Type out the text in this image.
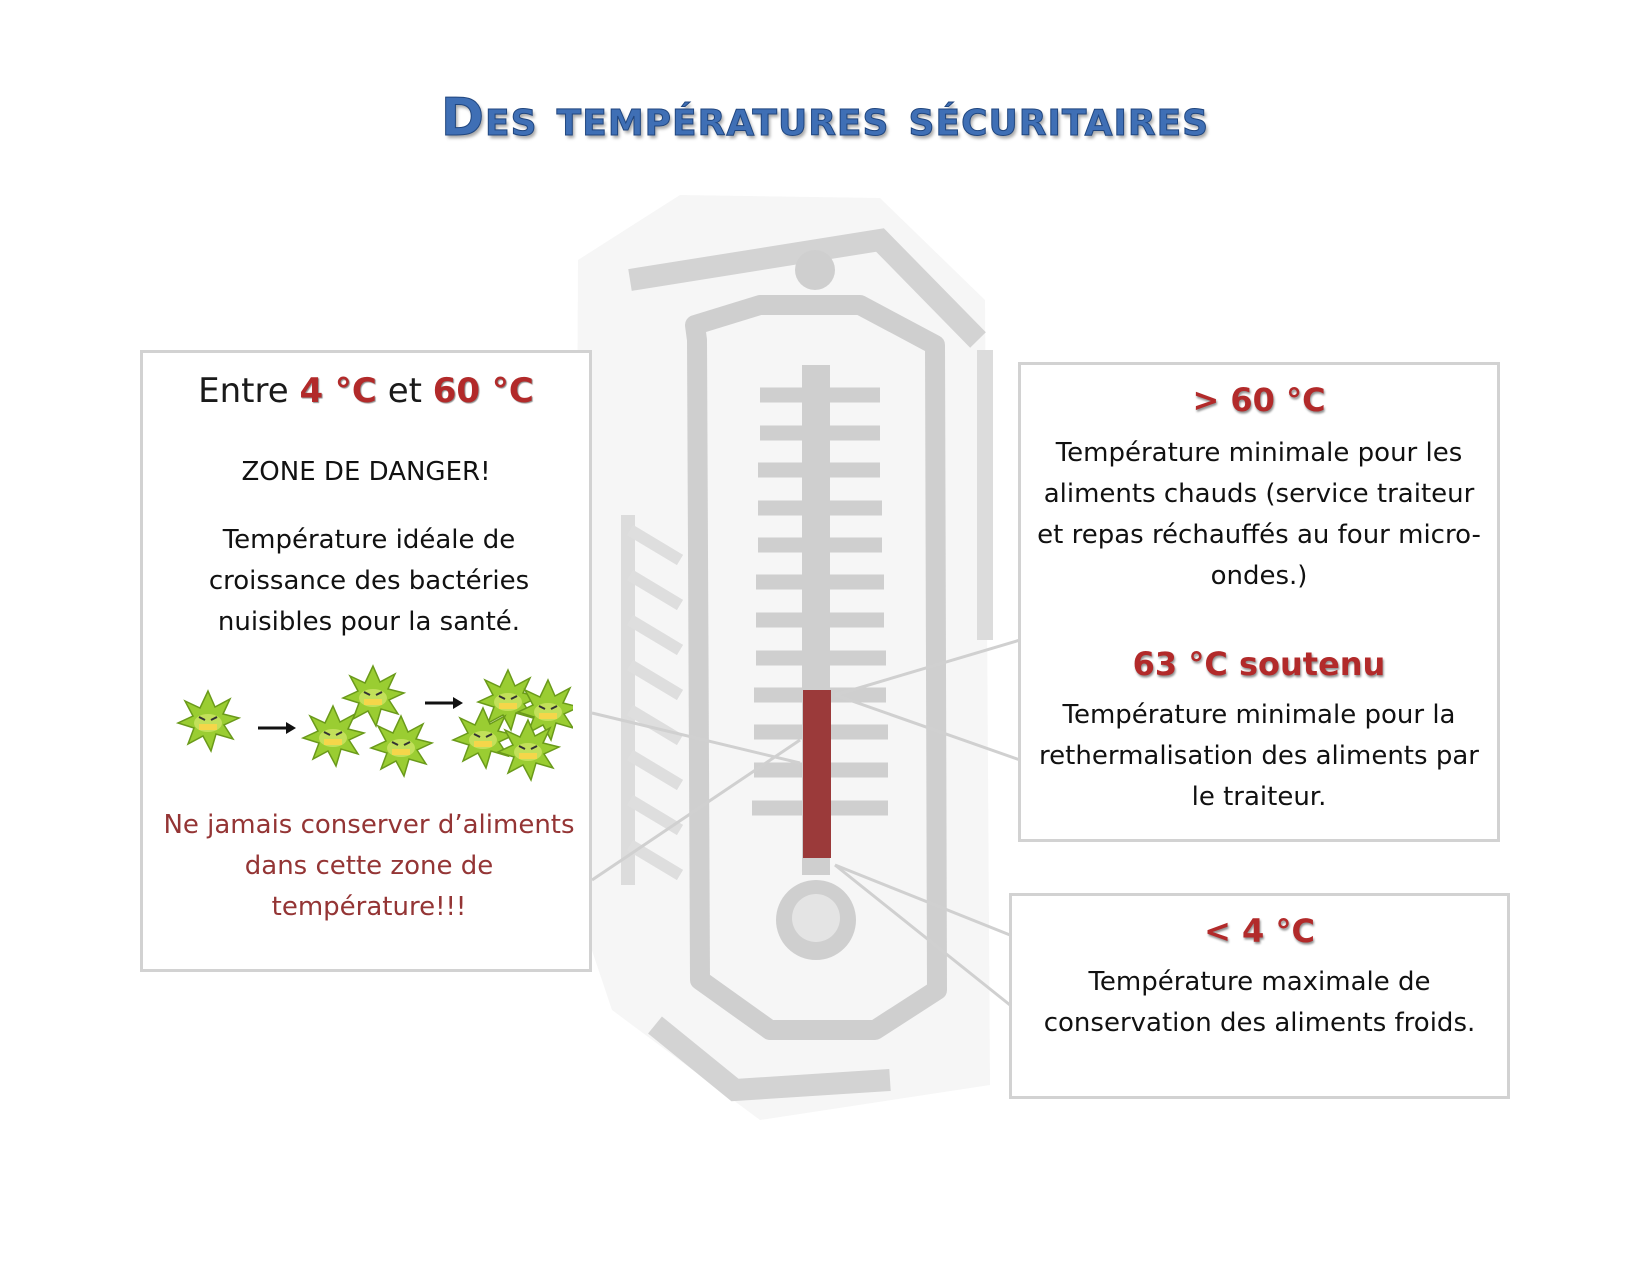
Des températures sécuritaires
Entre 4 °C et 60 °C
ZONE DE DANGER!
Température idéale de croissance des bactéries nuisibles pour la santé.
Ne jamais conserver d’aliments dans cette zone de température!!!
> 60 °C
Température minimale pour les aliments chauds (service traiteur et repas réchauffés au four micro-ondes.)
63 °C soutenu
Température minimale pour la rethermalisation des aliments par le traiteur.
< 4 °C
Température maximale de conservation des aliments froids.
